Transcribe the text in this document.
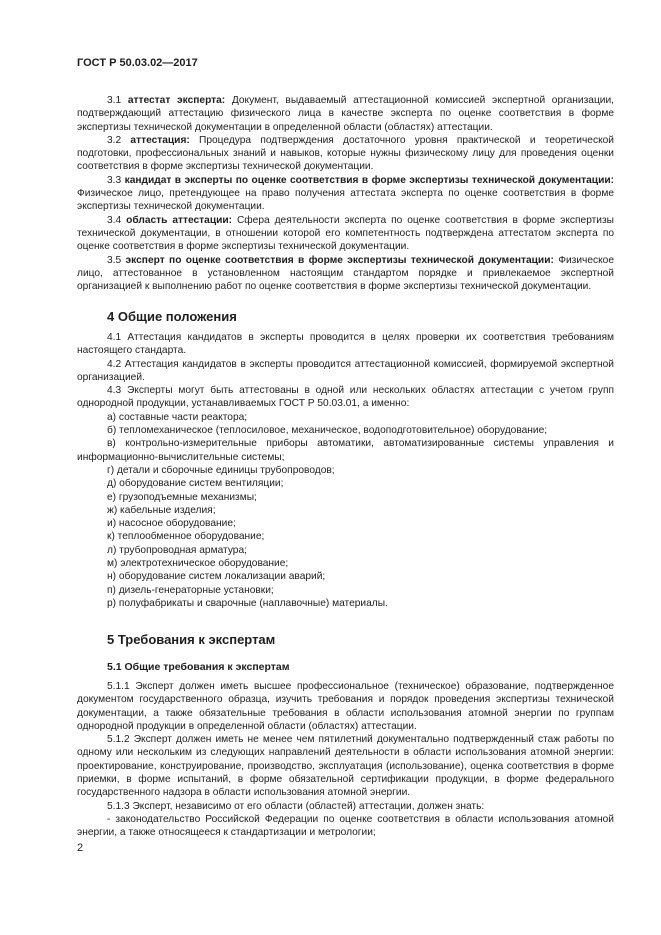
ГОСТ Р 50.03.02—2017

3.1 аттестат эксперта: Документ, выдаваемый аттестационной комиссией экспертной организации, подтверждающий аттестацию физического лица в качестве эксперта по оценке соответствия в форме экспертизы технической документации в определенной области (областях) аттестации.

3.2 аттестация: Процедура подтверждения достаточного уровня практической и теоретической подготовки, профессиональных знаний и навыков, которые нужны физическому лицу для проведения оценки соответствия в форме экспертизы технической документации.

3.3 кандидат в эксперты по оценке соответствия в форме экспертизы технической документации: Физическое лицо, претендующее на право получения аттестата эксперта по оценке соответствия в форме экспертизы технической документации.

3.4 область аттестации: Сфера деятельности эксперта по оценке соответствия в форме экспертизы технической документации, в отношении которой его компетентность подтверждена аттестатом эксперта по оценке соответствия в форме экспертизы технической документации.

3.5 эксперт по оценке соответствия в форме экспертизы технической документации: Физическое лицо, аттестованное в установленном настоящим стандартом порядке и привлекаемое экспертной организацией к выполнению работ по оценке соответствия в форме экспертизы технической документации.

4 Общие положения

4.1 Аттестация кандидатов в эксперты проводится в целях проверки их соответствия требованиям настоящего стандарта.

4.2 Аттестация кандидатов в эксперты проводится аттестационной комиссией, формируемой экспертной организацией.

4.3 Эксперты могут быть аттестованы в одной или нескольких областях аттестации с учетом групп однородной продукции, устанавливаемых ГОСТ Р 50.03.01, а именно:

а) составные части реактора;

б) тепломеханическое (теплосиловое, механическое, водоподготовительное) оборудование;

в) контрольно-измерительные приборы автоматики, автоматизированные системы управления и информационно-вычислительные системы;

г) детали и сборочные единицы трубопроводов;

д) оборудование систем вентиляции;

е) грузоподъемные механизмы;

ж) кабельные изделия;

и) насосное оборудование;

к) теплообменное оборудование;

л) трубопроводная арматура;

м) электротехническое оборудование;

н) оборудование систем локализации аварий;

п) дизель-генераторные установки;

р) полуфабрикаты и сварочные (наплавочные) материалы.

5 Требования к экспертам
5.1 Общие требования к экспертам

5.1.1 Эксперт должен иметь высшее профессиональное (техническое) образование, подтвержденное документом государственного образца, изучить требования и порядок проведения экспертизы технической документации, а также обязательные требования в области использования атомной энергии по группам однородной продукции в определенной области (областях) аттестации.

5.1.2 Эксперт должен иметь не менее чем пятилетний документально подтвержденный стаж работы по одному или нескольким из следующих направлений деятельности в области использования атомной энергии: проектирование, конструирование, производство, эксплуатация (использование), оценка соответствия в форме приемки, в форме испытаний, в форме обязательной сертификации продукции, в форме федерального государственного надзора в области использования атомной энергии.

5.1.3 Эксперт, независимо от его области (областей) аттестации, должен знать:

- законодательство Российской Федерации по оценке соответствия в области использования атомной энергии, а также относящееся к стандартизации и метрологии;

2
